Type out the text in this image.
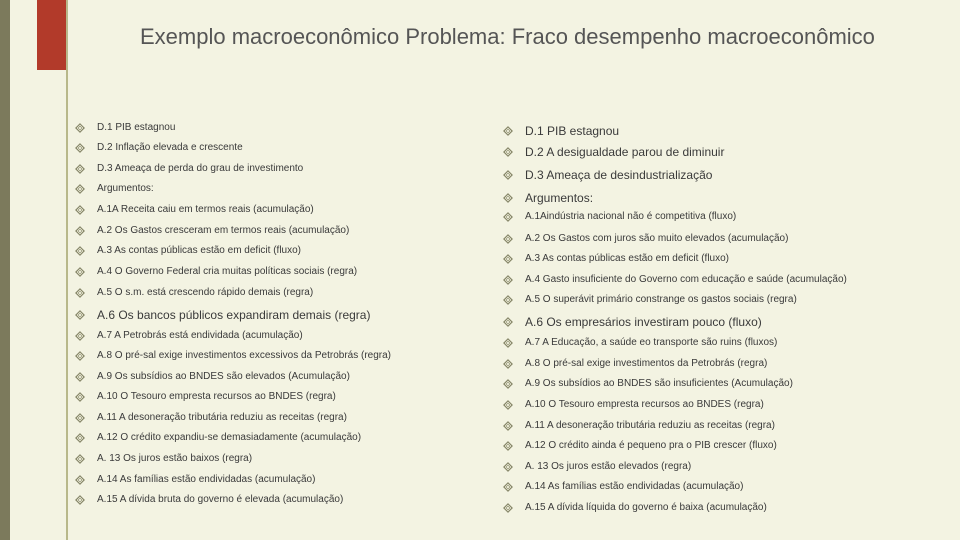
Exemplo macroeconômico Problema: Fraco desempenho macroeconômico
D.1 PIB estagnou
D.2 Inflação elevada e crescente
D.3 Ameaça de perda do grau de investimento
Argumentos:
A.1A Receita caiu em termos reais (acumulação)
A.2 Os Gastos cresceram em termos reais (acumulação)
A.3 As contas públicas estão em deficit (fluxo)
A.4 O Governo Federal cria muitas políticas sociais (regra)
A.5 O s.m. está crescendo rápido demais (regra)
A.6 Os bancos públicos expandiram demais (regra)
A.7 A Petrobrás está endividada (acumulação)
A.8 O pré-sal exige investimentos excessivos da Petrobrás (regra)
A.9 Os subsídios ao BNDES são elevados (Acumulação)
A.10 O Tesouro empresta recursos ao BNDES (regra)
A.11 A desoneração tributária reduziu as receitas (regra)
A.12 O crédito expandiu-se demasiadamente (acumulação)
A. 13 Os juros estão baixos (regra)
A.14 As famílias estão endividadas (acumulação)
A.15 A dívida bruta do governo é elevada (acumulação)
D.1 PIB estagnou
D.2 A desigualdade parou de diminuir
D.3 Ameaça de desindustrialização
Argumentos:
A.1Aindústria nacional não é competitiva (fluxo)
A.2 Os Gastos com juros são muito elevados (acumulação)
A.3 As contas públicas estão em deficit (fluxo)
A.4 Gasto insuficiente do Governo com educação e saúde (acumulação)
A.5 O superávit primário constrange os gastos sociais (regra)
A.6 Os empresários investiram pouco (fluxo)
A.7 A Educação, a saúde eo transporte são ruins (fluxos)
A.8 O pré-sal exige investimentos da Petrobrás (regra)
A.9 Os subsídios ao BNDES são insuficientes (Acumulação)
A.10 O Tesouro empresta recursos ao BNDES (regra)
A.11 A desoneração tributária reduziu as receitas (regra)
A.12 O crédito ainda é pequeno pra o PIB crescer (fluxo)
A. 13 Os juros estão elevados (regra)
A.14 As famílias estão endividadas (acumulação)
A.15 A dívida líquida do governo é baixa (acumulação)
